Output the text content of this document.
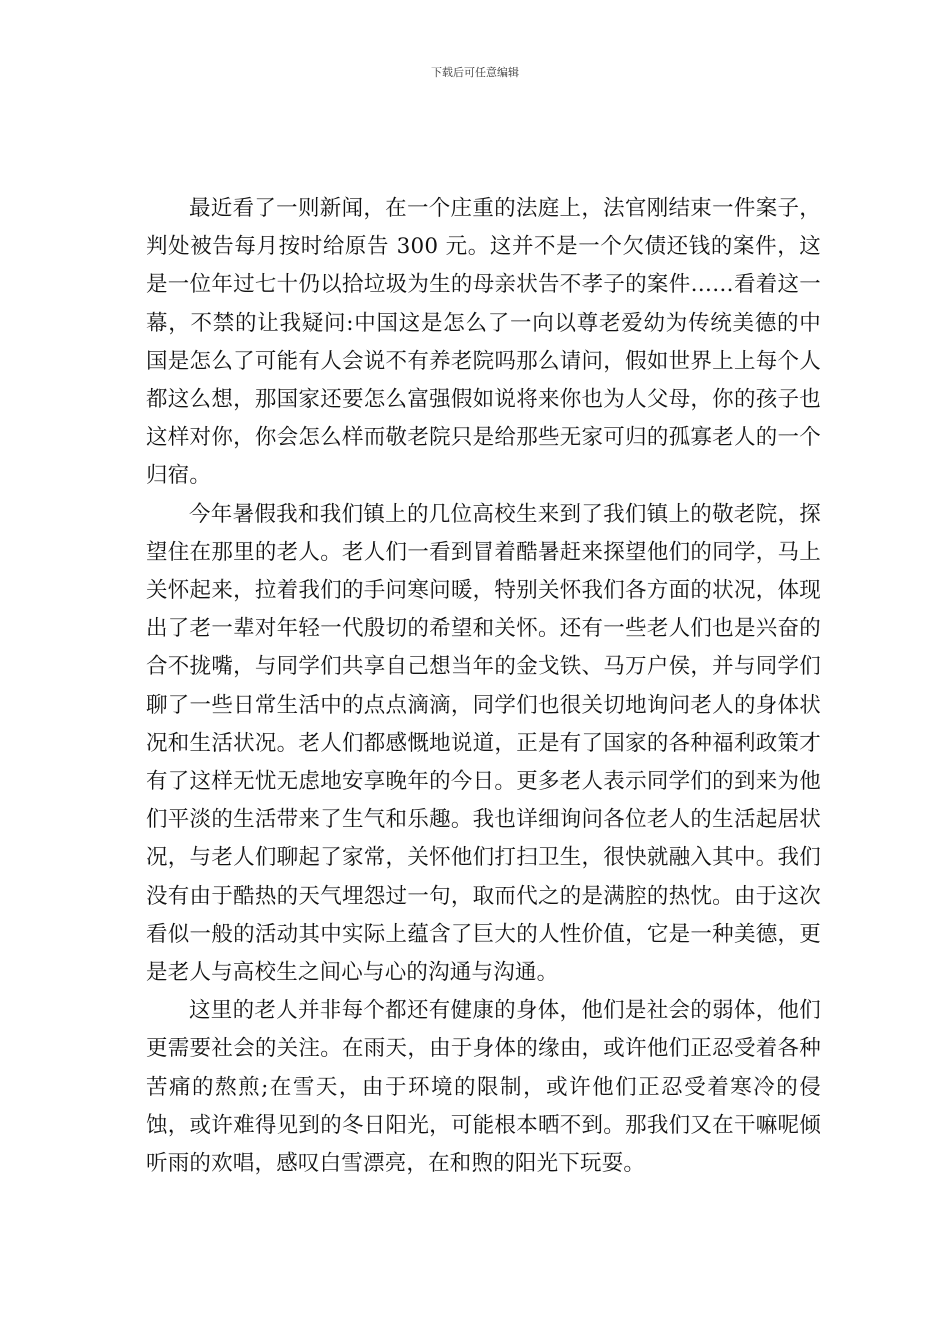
下载后可任意编辑

最近看了一则新闻，在一个庄重的法庭上，法官刚结束一件案子，判处被告每月按时给原告 300 元。这并不是一个欠债还钱的案件，这是一位年过七十仍以拾垃圾为生的母亲状告不孝子的案件……看着这一幕，不禁的让我疑问:中国这是怎么了一向以尊老爱幼为传统美德的中国是怎么了可能有人会说不有养老院吗那么请问，假如世界上上每个人都这么想，那国家还要怎么富强假如说将来你也为人父母，你的孩子也这样对你，你会怎么样而敬老院只是给那些无家可归的孤寡老人的一个归宿。

今年暑假我和我们镇上的几位高校生来到了我们镇上的敬老院，探望住在那里的老人。老人们一看到冒着酷暑赶来探望他们的同学，马上关怀起来，拉着我们的手问寒问暖，特别关怀我们各方面的状况，体现出了老一辈对年轻一代殷切的希望和关怀。还有一些老人们也是兴奋的合不拢嘴，与同学们共享自己想当年的金戈铁、马万户侯，并与同学们聊了一些日常生活中的点点滴滴，同学们也很关切地询问老人的身体状况和生活状况。老人们都感慨地说道，正是有了国家的各种福利政策才有了这样无忧无虑地安享晚年的今日。更多老人表示同学们的到来为他们平淡的生活带来了生气和乐趣。我也详细询问各位老人的生活起居状况，与老人们聊起了家常，关怀他们打扫卫生，很快就融入其中。我们没有由于酷热的天气埋怨过一句，取而代之的是满腔的热忱。由于这次看似一般的活动其中实际上蕴含了巨大的人性价值，它是一种美德，更是老人与高校生之间心与心的沟通与沟通。

这里的老人并非每个都还有健康的身体，他们是社会的弱体，他们更需要社会的关注。在雨天，由于身体的缘由，或许他们正忍受着各种苦痛的熬煎;在雪天，由于环境的限制，或许他们正忍受着寒冷的侵蚀，或许难得见到的冬日阳光，可能根本晒不到。那我们又在干嘛呢倾听雨的欢唱，感叹白雪漂亮，在和煦的阳光下玩耍。
